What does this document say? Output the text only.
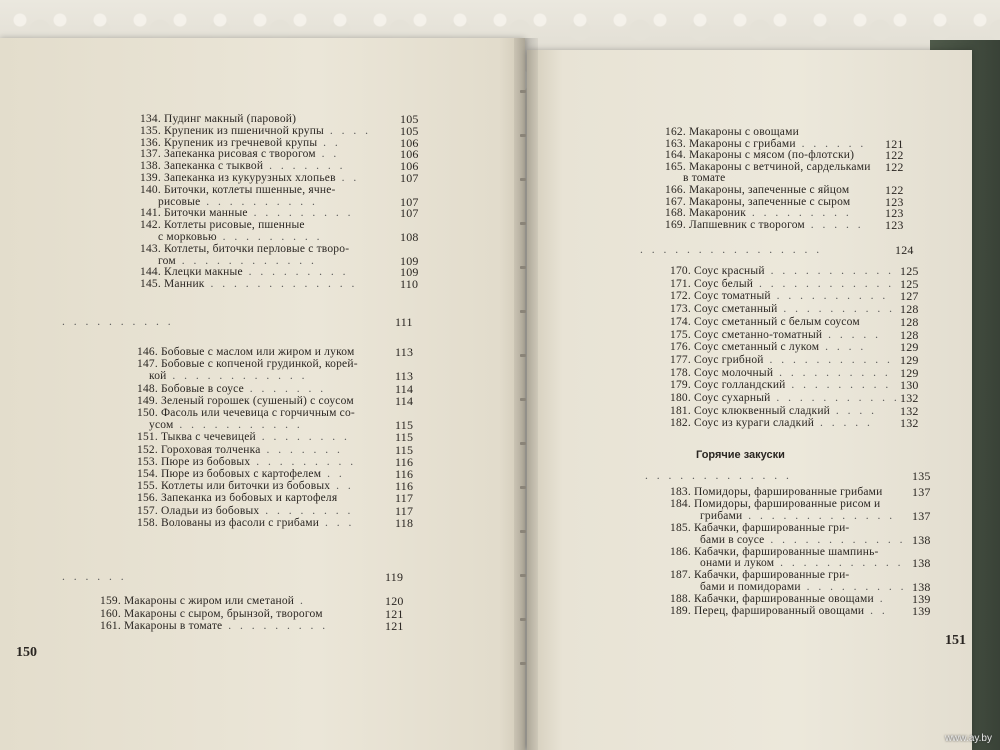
134. Пудинг макный (паровой)	105
135. Крупеник из пшеничной крупы . . . . 105
136. Крупеник из гречневой крупы . .	106
137. Запеканка рисовая с творогом . .	106
138. Запеканка с тыквой . . . . . . .	106
139. Запеканка из кукурузных хлопьев . .	107
140. Биточки, котлеты пшенные, ячне-
рисовые . . . . . . . . . .	107
141. Биточки манные . . . . . . . . .	107
142. Котлеты рисовые, пшенные
с морковью . . . . . . . . .	108
143. Котлеты, биточки перловые с творо-
гом . . . . . . . . . . . .	109
144. Клецки макные . . . . . . . . .	109
145. Манник . . . . . . . . . . . . .	110
. . . . . . . . . .	111
146. Бобовые с маслом или жиром и луком	113
147. Бобовые с копченой грудинкой, корей-
кой . . . . . . . . . . . .	113
148. Бобовые в соусе . . . . . . .	114
149. Зеленый горошек (сушеный) с соусом	114
150. Фасоль или чечевица с горчичным со-
усом . . . . . . . . . . .	115
151. Тыква с чечевицей . . . . . . . .	115
152. Гороховая толченка . . . . . . .	115
153. Пюре из бобовых . . . . . . . . .	116
154. Пюре из бобовых с картофелем . .	116
155. Котлеты или биточки из бобовых . .	116
156. Запеканка из бобовых и картофеля	117
157. Оладьи из бобовых . . . . . . . .	117
158. Волованы из фасоли с грибами . . .	118
. . . . . .	119
159. Макароны с жиром или сметаной .	120
160. Макароны с сыром, брынзой, творогом	121
161. Макароны в томате . . . . . . . . .	121
162. Макароны с овощами
163. Макароны с грибами . . . . . . 121
164. Макароны с мясом (по-флотски)	122
165. Макароны с ветчиной, сардельками 122
в томате
166. Макароны, запеченные с яйцом	122
167. Макароны, запеченные с сыром	123
168. Макароник . . . . . . . . .	123
169. Лапшевник с творогом . . . . . 123
. . . . . . . . . . . . . . . .	124
170. Соус красный . . . . . . . . . . . 125
171. Соус белый . . . . . . . . . . . . 125
172. Соус томатный . . . . . . . . . . 127
173. Соус сметанный . . . . . . . . . . 128
174. Соус сметанный с белым соусом	128
175. Соус сметанно-томатный . . . . . 128
176. Соус сметанный с луком . . . .	129
177. Соус грибной . . . . . . . . . . . 129
178. Соус молочный . . . . . . . . . . 129
179. Соус голландский . . . . . . . . . 130
180. Соус сухарный . . . . . . . . . . . 132
181. Соус клюквенный сладкий . . . . 132
182. Соус из кураги сладкий . . . . . 132
Горячие закуски
. . . . . . . . . . . . .	135
183. Помидоры, фаршированные грибами 137
184. Помидоры, фаршированные рисом и
грибами . . . . . . . . . . . . . 137
185. Кабачки, фаршированные гри-
бами в соусе . . . . . . . . . . . . 138
186. Кабачки, фаршированные шампинь-
онами и луком . . . . . . . . . . . 138
187. Кабачки, фаршированные гри-
бами и помидорами . . . . . . . . . 138
188. Кабачки, фаршированные овощами . 139
189. Перец, фаршированный овощами . . 139
150
151
www.ay.by
